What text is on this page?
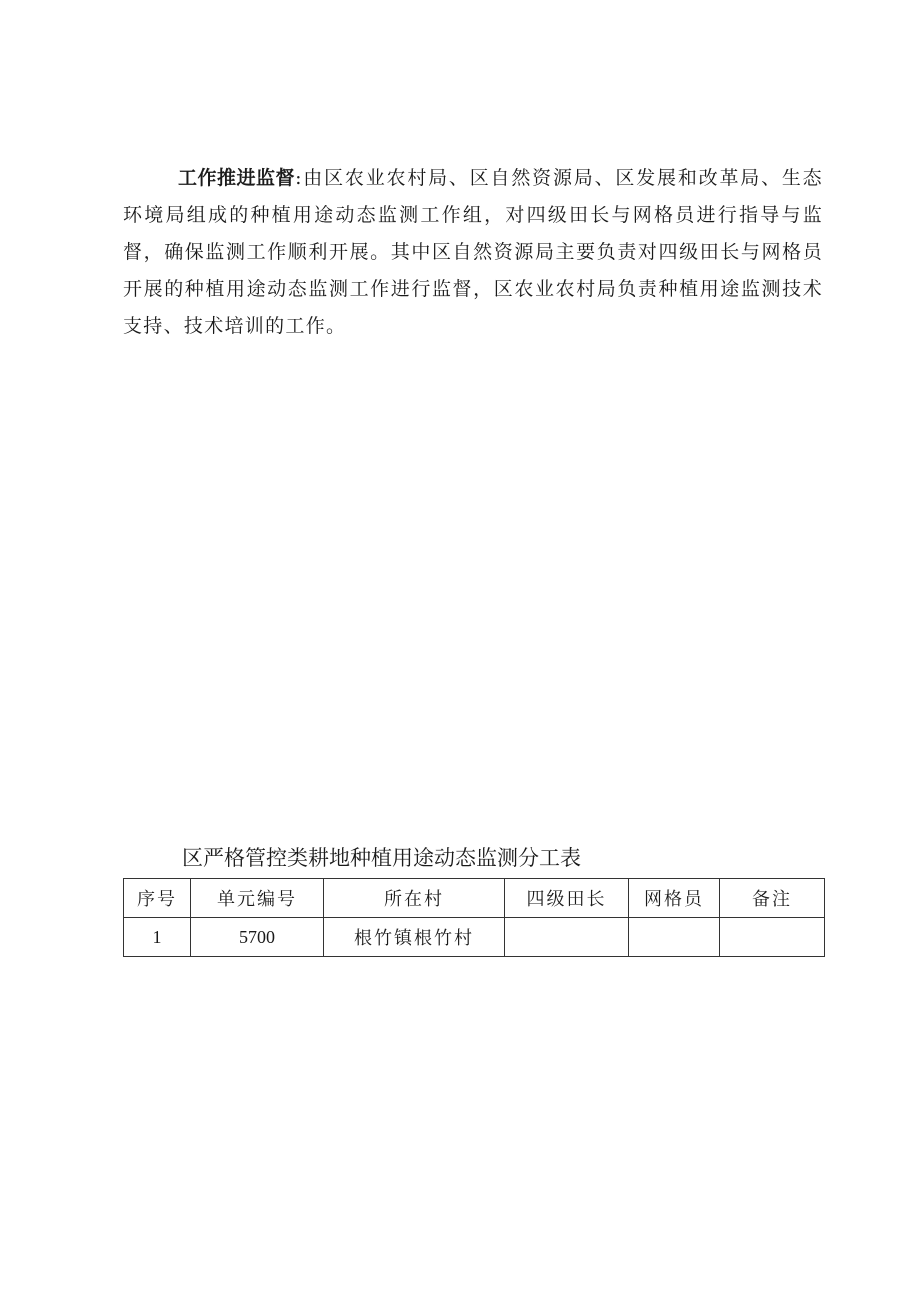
工作推进监督:由区农业农村局、区自然资源局、区发展和改革局、生态环境局组成的种植用途动态监测工作组，对四级田长与网格员进行指导与监督，确保监测工作顺利开展。其中区自然资源局主要负责对四级田长与网格员开展的种植用途动态监测工作进行监督，区农业农村局负责种植用途监测技术支持、技术培训的工作。

区严格管控类耕地种植用途动态监测分工表
序号	单元编号	所在村	四级田长	网格员	备注
1	5700	根竹镇根竹村			
